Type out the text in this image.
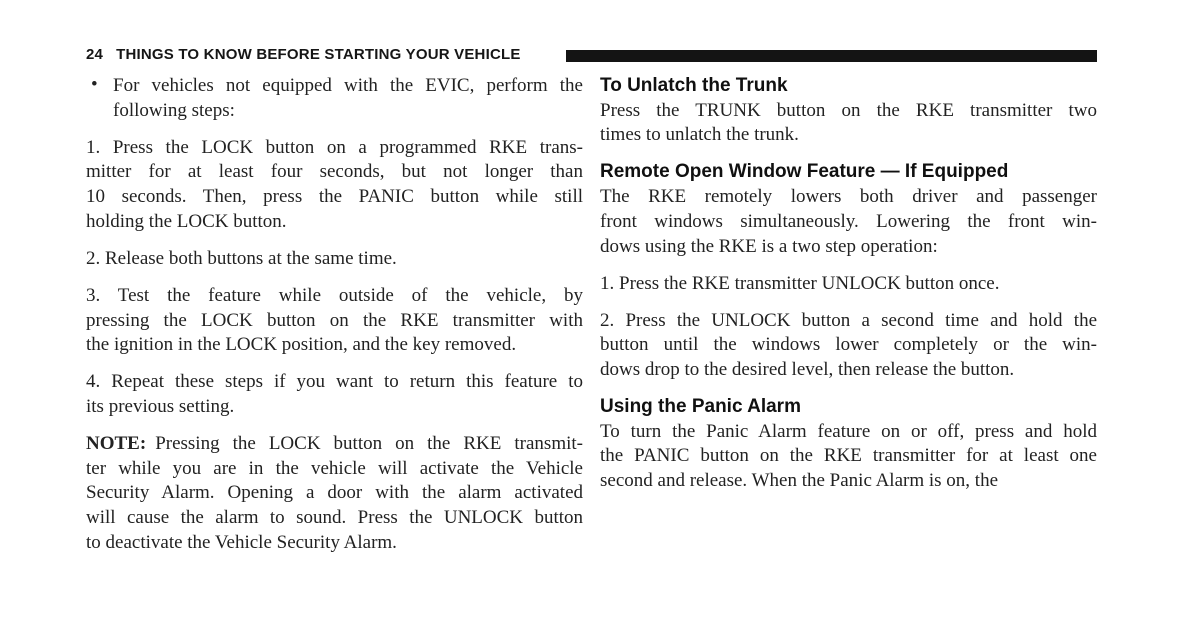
24 THINGS TO KNOW BEFORE STARTING YOUR VEHICLE
• For vehicles not equipped with the EVIC, perform the
following steps:
1. Press the LOCK button on a programmed RKE trans-
mitter for at least four seconds, but not longer than
10 seconds. Then, press the PANIC button while still
holding the LOCK button.
2. Release both buttons at the same time.
3. Test the feature while outside of the vehicle, by
pressing the LOCK button on the RKE transmitter with
the ignition in the LOCK position, and the key removed.
4. Repeat these steps if you want to return this feature to
its previous setting.
NOTE: Pressing the LOCK button on the RKE transmit-
ter while you are in the vehicle will activate the Vehicle
Security Alarm. Opening a door with the alarm activated
will cause the alarm to sound. Press the UNLOCK button
to deactivate the Vehicle Security Alarm.
To Unlatch the Trunk
Press the TRUNK button on the RKE transmitter two
times to unlatch the trunk.
Remote Open Window Feature — If Equipped
The RKE remotely lowers both driver and passenger
front windows simultaneously. Lowering the front win-
dows using the RKE is a two step operation:
1. Press the RKE transmitter UNLOCK button once.
2. Press the UNLOCK button a second time and hold the
button until the windows lower completely or the win-
dows drop to the desired level, then release the button.
Using the Panic Alarm
To turn the Panic Alarm feature on or off, press and hold
the PANIC button on the RKE transmitter for at least one
second and release. When the Panic Alarm is on, the
